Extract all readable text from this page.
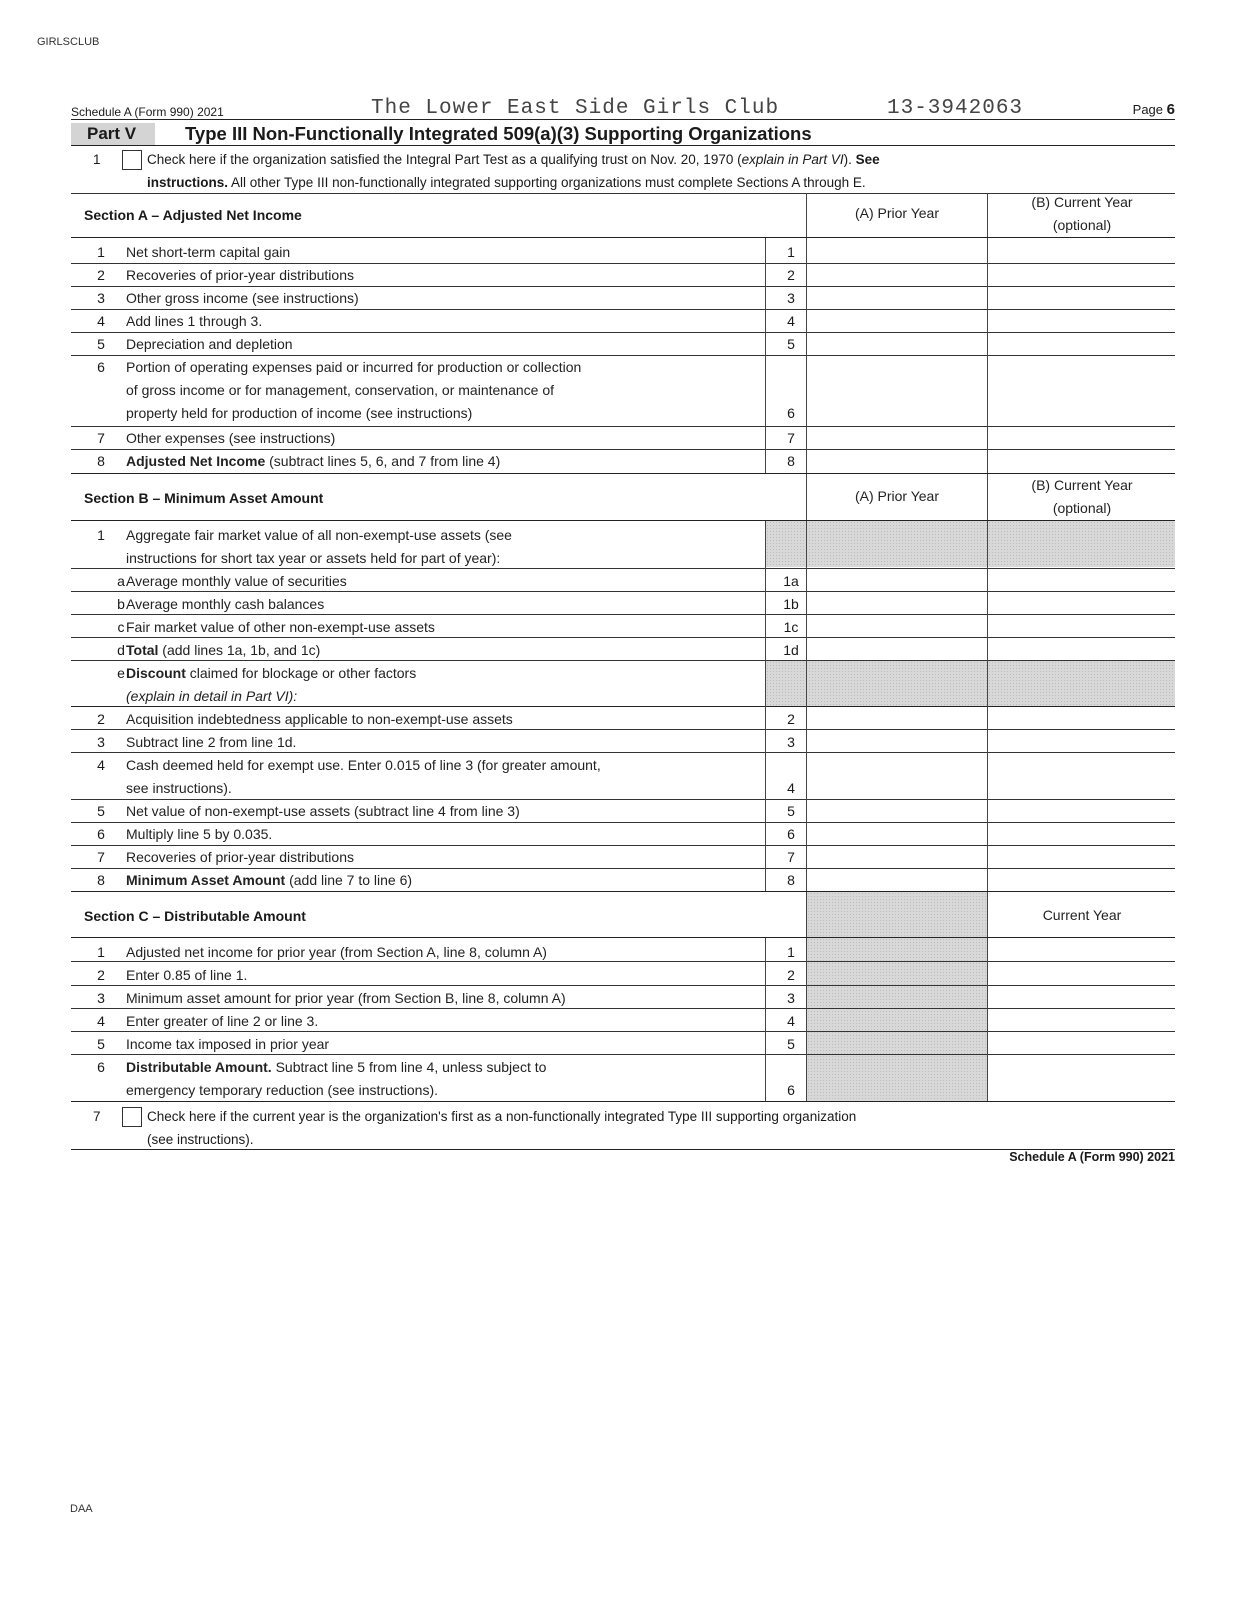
GIRLSCLUB
Schedule A (Form 990) 2021	The Lower East Side Girls Club	13-3942063	Page 6
Part V	Type III Non-Functionally Integrated 509(a)(3) Supporting Organizations
1	Check here if the organization satisfied the Integral Part Test as a qualifying trust on Nov. 20, 1970 (explain in Part VI). See
instructions. All other Type III non-functionally integrated supporting organizations must complete Sections A through E.
Section A – Adjusted Net Income	(A) Prior Year
(B) Current Year
(optional)
1	Net short-term capital gain	1
2	Recoveries of prior-year distributions	2
3	Other gross income (see instructions)	3
4	Add lines 1 through 3.	4
5	Depreciation and depletion	5
6	Portion of operating expenses paid or incurred for production or collection
of gross income or for management, conservation, or maintenance of
property held for production of income (see instructions)	6
7	Other expenses (see instructions)	7
8	Adjusted Net Income (subtract lines 5, 6, and 7 from line 4)	8
Section B – Minimum Asset Amount	(A) Prior Year
(B) Current Year
(optional)
1	Aggregate fair market value of all non-exempt-use assets (see
instructions for short tax year or assets held for part of year):
a Average monthly value of securities	1a
b Average monthly cash balances	1b
c Fair market value of other non-exempt-use assets	1c
d Total (add lines 1a, 1b, and 1c)	1d
e Discount claimed for blockage or other factors
(explain in detail in Part VI):
2	Acquisition indebtedness applicable to non-exempt-use assets	2
3	Subtract line 2 from line 1d.	3
4	Cash deemed held for exempt use. Enter 0.015 of line 3 (for greater amount,
see instructions).	4
5	Net value of non-exempt-use assets (subtract line 4 from line 3)	5
6	Multiply line 5 by 0.035.	6
7	Recoveries of prior-year distributions	7
8	Minimum Asset Amount (add line 7 to line 6)	8
Section C – Distributable Amount	Current Year
1	Adjusted net income for prior year (from Section A, line 8, column A)	1
2	Enter 0.85 of line 1.	2
3	Minimum asset amount for prior year (from Section B, line 8, column A)	3
4	Enter greater of line 2 or line 3.	4
5	Income tax imposed in prior year	5
6	Distributable Amount. Subtract line 5 from line 4, unless subject to
emergency temporary reduction (see instructions).	6
7	Check here if the current year is the organization's first as a non-functionally integrated Type III supporting organization
(see instructions).
Schedule A (Form 990) 2021
DAA
